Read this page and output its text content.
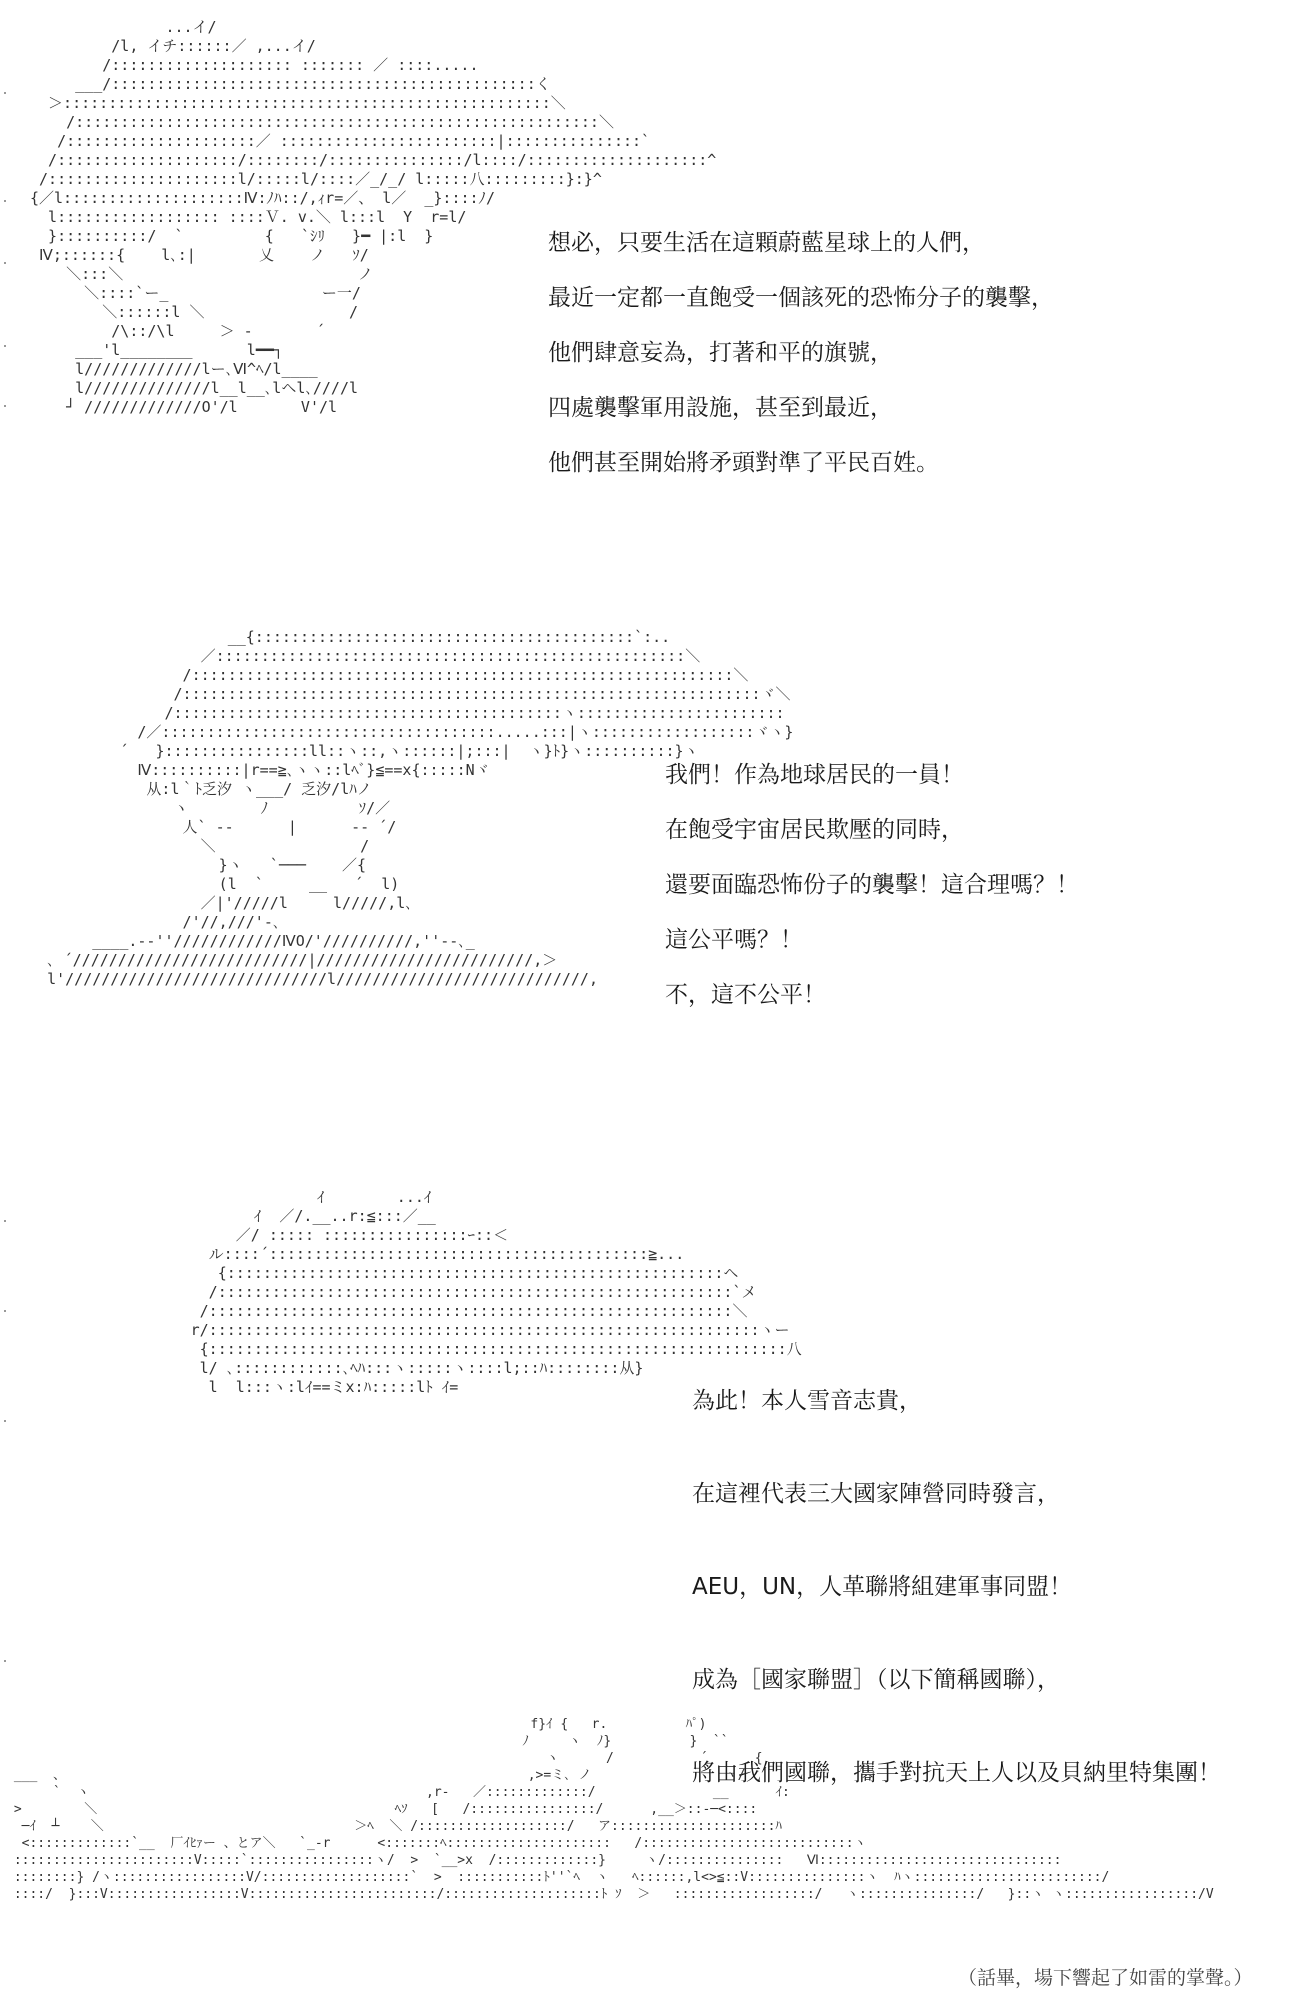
...イ/
/l, イチ::::::／ ,...イ/
/:::::::::::::::::::: ::::::: ／ ::::.....
___/:::::::::::::::::::::::::::::::::::::::::::::::く
＞::::::::::::::::::::::::::::::::::::::::::::::::::::::＼
/::::::::::::::::::::::::::::::::::::::::::::::::::::::::::＼
/:::::::::::::::::::::／ ::::::::::::::::::::::::|:::::::::::::::`
/::::::::::::::::::::/::::::::/:::::::::::::::/l::::/::::::::::::::::::::^
/:::::::::::::::::::::l/:::::l/::::／_/_/ l:::::八:::::::::}:}^
{／l::::::::::::::::::::Ⅳ:ﾉﾊ::/,ｨr=／、 l／  _}::::ﾉ/
l:::::::::::::::::: ::::Ｖ. v.＼ l:::l  Y  r=l/
}::::::::::/  `         {   `ｼﾘ   }━ |:l  }
Ⅳ;::::::{    l､:|       乂    ノ   ｿ/
＼:::＼                          ノ
＼::::`ー_                 ー一/
＼::::::l ＼                /
/\::/\l     ＞ -       ´
___'l________      l━━┐
l/////////////lー､Ⅵ^ﾍ/l____
l//////////////l__l__､lヘl､////l
┘ /////////////O'/l       V'/l
想必，只要生活在這顆蔚藍星球上的人們，
最近一定都一直飽受一個該死的恐怖分子的襲擊，
他們肆意妄為，打著和平的旗號，
四處襲擊軍用設施，甚至到最近，
他們甚至開始將矛頭對準了平民百姓。
__{::::::::::::::::::::::::::::::::::::::::::`:..
／::::::::::::::::::::::::::::::::::::::::::::::::::::＼
/::::::::::::::::::::::::::::::::::::::::::::::::::::::::::::＼
/::::::::::::::::::::::::::::::::::::::::::::::::::::::::::::::::ヾ＼
/:::::::::::::::::::::::::::::::::::::::::::ヽ:::::::::::::::::::::::
/／:::::::::::::::::::::::::::::::::::::.....:::|ヽ::::::::::::::::::ヾヽ}
´   }::::::::::::::::ll::ヽ::,ヽ::::::|;:::|  ヽ}ﾄ}ヽ::::::::::}ヽ
Ⅳ::::::::::|r==≧､ヽヽ::lﾍﾞ}≦==x{:::::Nヾ
从:l｀ﾄ乏汐 ヽ___/ 乏汐/lﾊノ
ヽ        ﾉ          ｿ/／
人` --      |      -- ´/
＼                /
}ヽ   `───    ／{
(l  `     __   ´  l)
／|'/////l     l/////,l､
/'//,///'-､
____.-‐''////////////ⅣO/'//////////,''‐-､_
､ ´//////////////////////////|////////////////////////,＞
l'/////////////////////////////l////////////////////////////,
我們！作為地球居民的一員！
在飽受宇宙居民欺壓的同時，
還要面臨恐怖份子的襲擊！這合理嗎？！
這公平嗎？！
不，這不公平！
ｲ        ...ｲ
ｲ  ／/.__..r:≦:::／__
／/ ::::: ::::::::::::::::ｰ::＜
ル::::´::::::::::::::::::::::::::::::::::::::::::≧...
{:::::::::::::::::::::::::::::::::::::::::::::::::::::::ヘ
/:::::::::::::::::::::::::::::::::::::::::::::::::::::::::`メ
/::::::::::::::::::::::::::::::::::::::::::::::::::::::::::＼
r/:::::::::::::::::::::::::::::::::::::::::::::::::::::::::::::ヽー
{::::::::::::::::::::::::::::::::::::::::::::::::::::::::::::::::八
l/ ､::::::::::::､ﾍﾊ:::ヽ:::::ヽ::::l;::ﾊ::::::::从}
l  l:::ヽ:lｲ==ミx:ﾊ:::::lﾄ ｲ=

為此！本人雪音志貴，

在這裡代表三大國家陣營同時發言，

AEU，UN，人革聯將組建軍事同盟！

成為［國家聯盟］（以下簡稱國聯），

將由我們國聯，攜手對抗天上人以及貝納里特集團！

f}ｲ {   r.          ﾊﾟ)
ﾉ     ヽ  ﾉ}          }  ``
ヽ      /           ´      {
___  、                                                           ,>=ミ､ ノ                 ヽ/
`  ヽ                                           ,r-   ／:::::::::::::/               __      ｲ:
>        ＼                                      ﾍｿ   [   /::::::::::::::::/      ,__＞::‐─<::::
─ｲ  ┴    ＼                                ＞ﾍ  ＼ /:::::::::::::::::::/   ア:::::::::::::::::::::ﾊ
<:::::::::::::`__  厂ｲﾋｧー 、とア＼   `_-r      <:::::::ﾍ:::::::::::::::::::::   /:::::::::::::::::::::::::::ヽ
:::::::::::::::::::::::V:::::`::::::::::::::::ヽ/  >  `__>x  /:::::::::::::}     ヽ/:::::::::::::::   Ⅵ:::::::::::::::::::::::::::::::
::::::::} /ヽ:::::::::::::::::V/:::::::::::::::::::`  >  :::::::::::ﾄ''`ﾍ  ヽ   ﾍ::::::,l<>≦::V:::::::::::::::ヽ  ﾊヽ::::::::::::::::::::::::/
::::/  }:::V:::::::::::::::::V::::::::::::::::::::::::/::::::::::::::::::::ﾄ ｿ  ＞   ::::::::::::::::::/   ヽ:::::::::::::::/   }::ヽ ヽ:::::::::::::::::/V
（話畢，場下響起了如雷的掌聲。）
